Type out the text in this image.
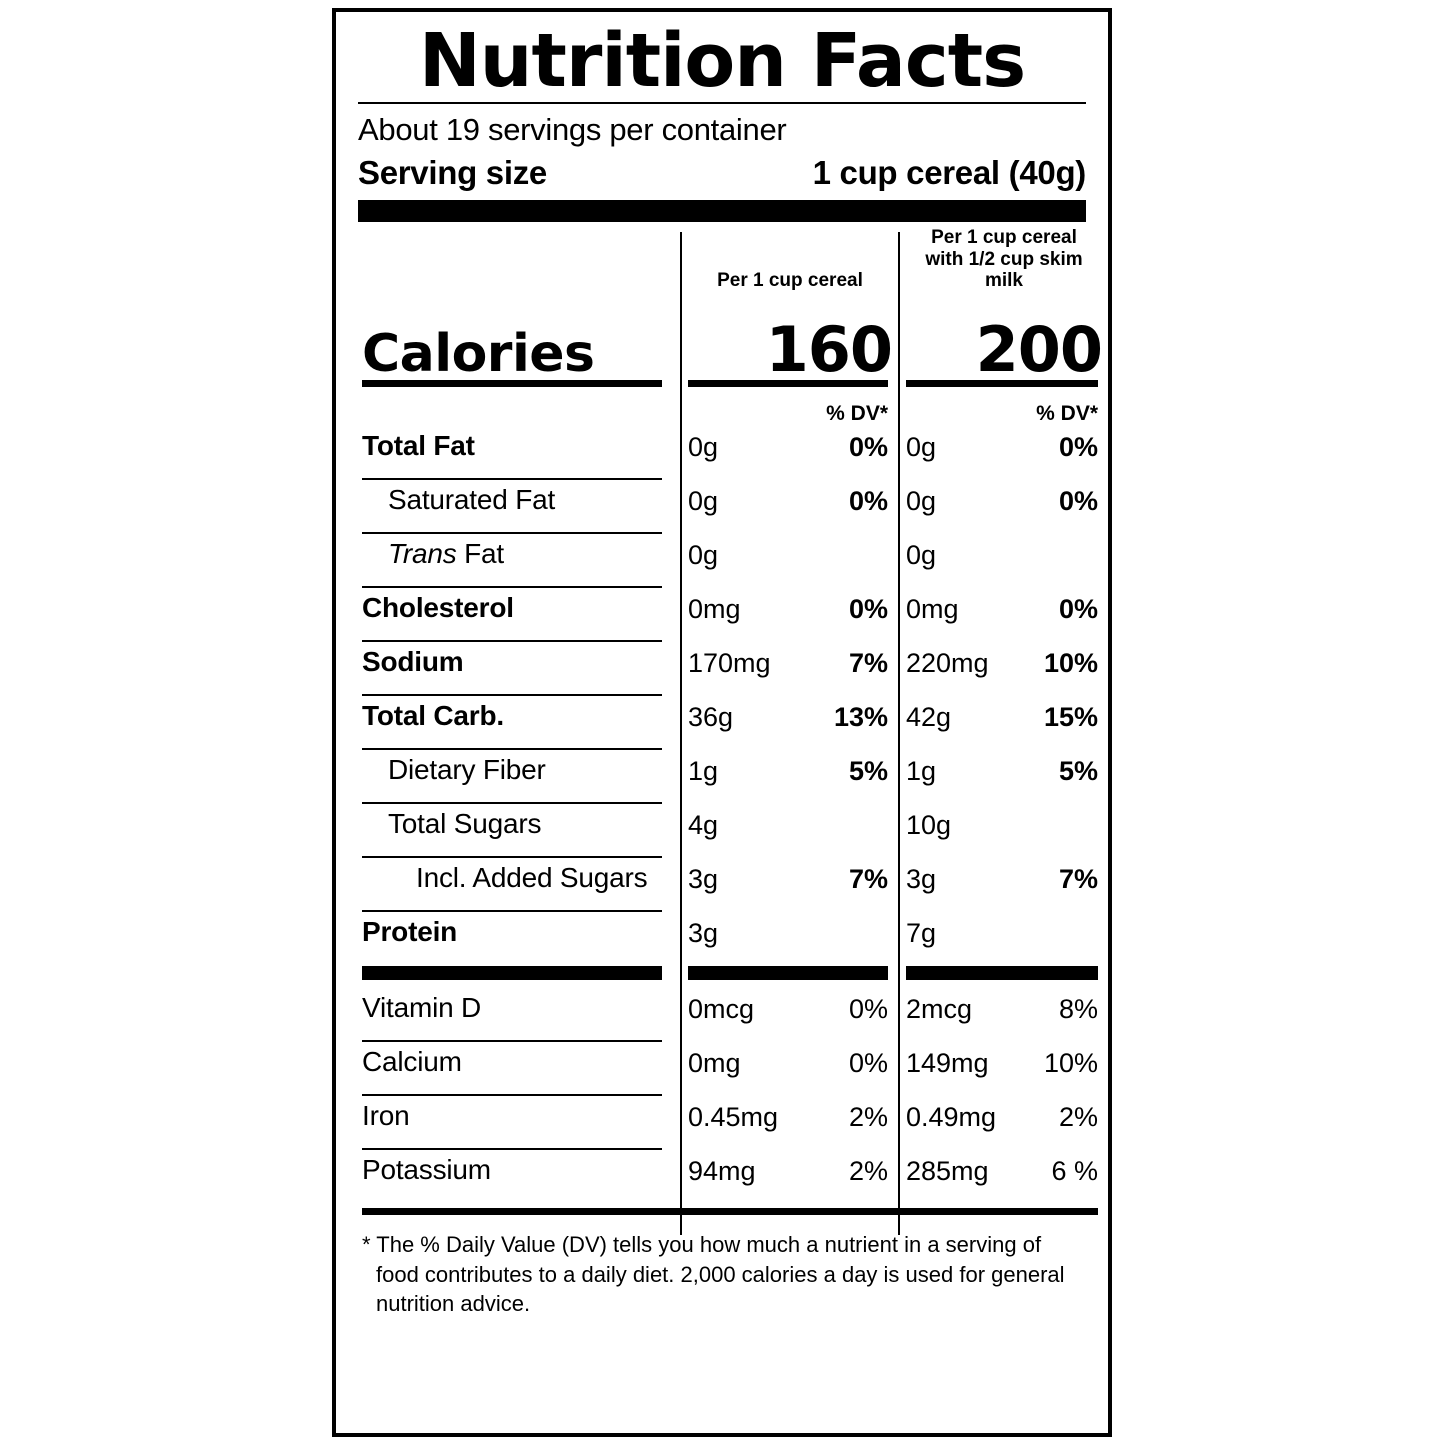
Nutrition Facts
About 19 servings per container
Serving size	1 cup cereal (40g)
Per 1 cup cereal
Per 1 cup cereal
with 1/2 cup skim milk
Calories	160	200
% DV*	% DV*
Total Fat	0g	0% 0g	0%
Saturated Fat	0g	0% 0g	0%
Trans Fat	0g	0g
Cholesterol	0mg	0% 0mg	0%
Sodium	170mg	7% 220mg	10%
Total Carb.	36g	13% 42g	15%
Dietary Fiber	1g	5% 1g	5%
Total Sugars	4g	10g
Incl. Added Sugars 3g	7% 3g	7%
Protein	3g	7g
Vitamin D	0mcg	0% 2mcg	8%
Calcium	0mg	0% 149mg	10%
Iron	0.45mg	2% 0.49mg	2%
Potassium	94mg	2% 285mg	6 %
* The % Daily Value (DV) tells you how much a nutrient in a serving of food contributes to a daily diet. 2,000 calories a day is used for general nutrition advice.
